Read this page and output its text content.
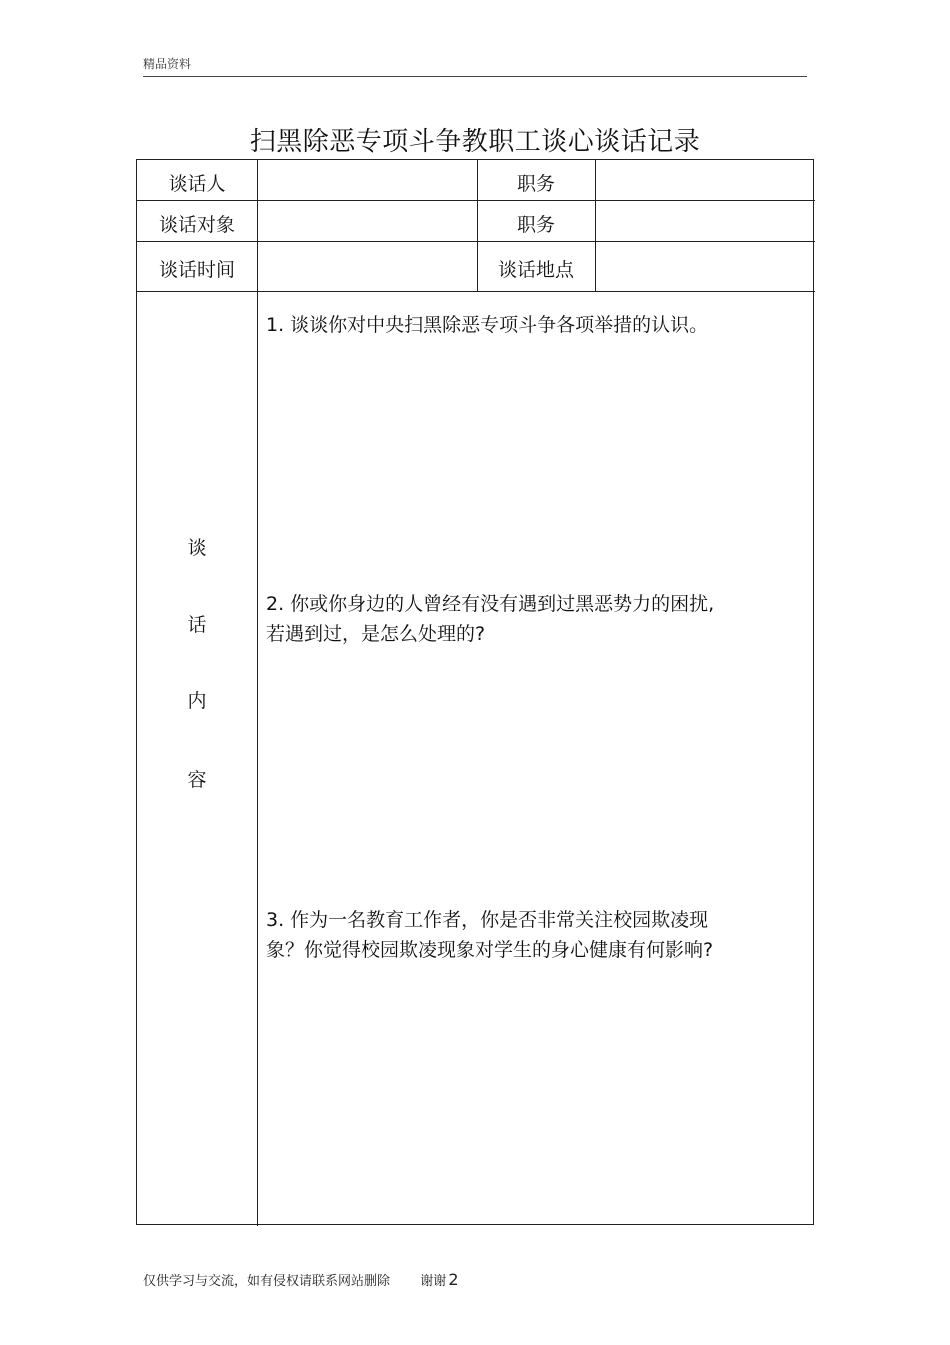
精品资料
扫黑除恶专项斗争教职工谈心谈话记录
谈话人	职务
谈话对象	职务
谈话时间	谈话地点
谈
话
内
容
1. 谈谈你对中央扫黑除恶专项斗争各项举措的认识。
2. 你或你身边的人曾经有没有遇到过黑恶势力的困扰,
若遇到过，是怎么处理的?
3. 作为一名教育工作者，你是否非常关注校园欺凌现
象？你觉得校园欺凌现象对学生的身心健康有何影响?
仅供学习与交流，如有侵权请联系网站删除 谢谢 2
